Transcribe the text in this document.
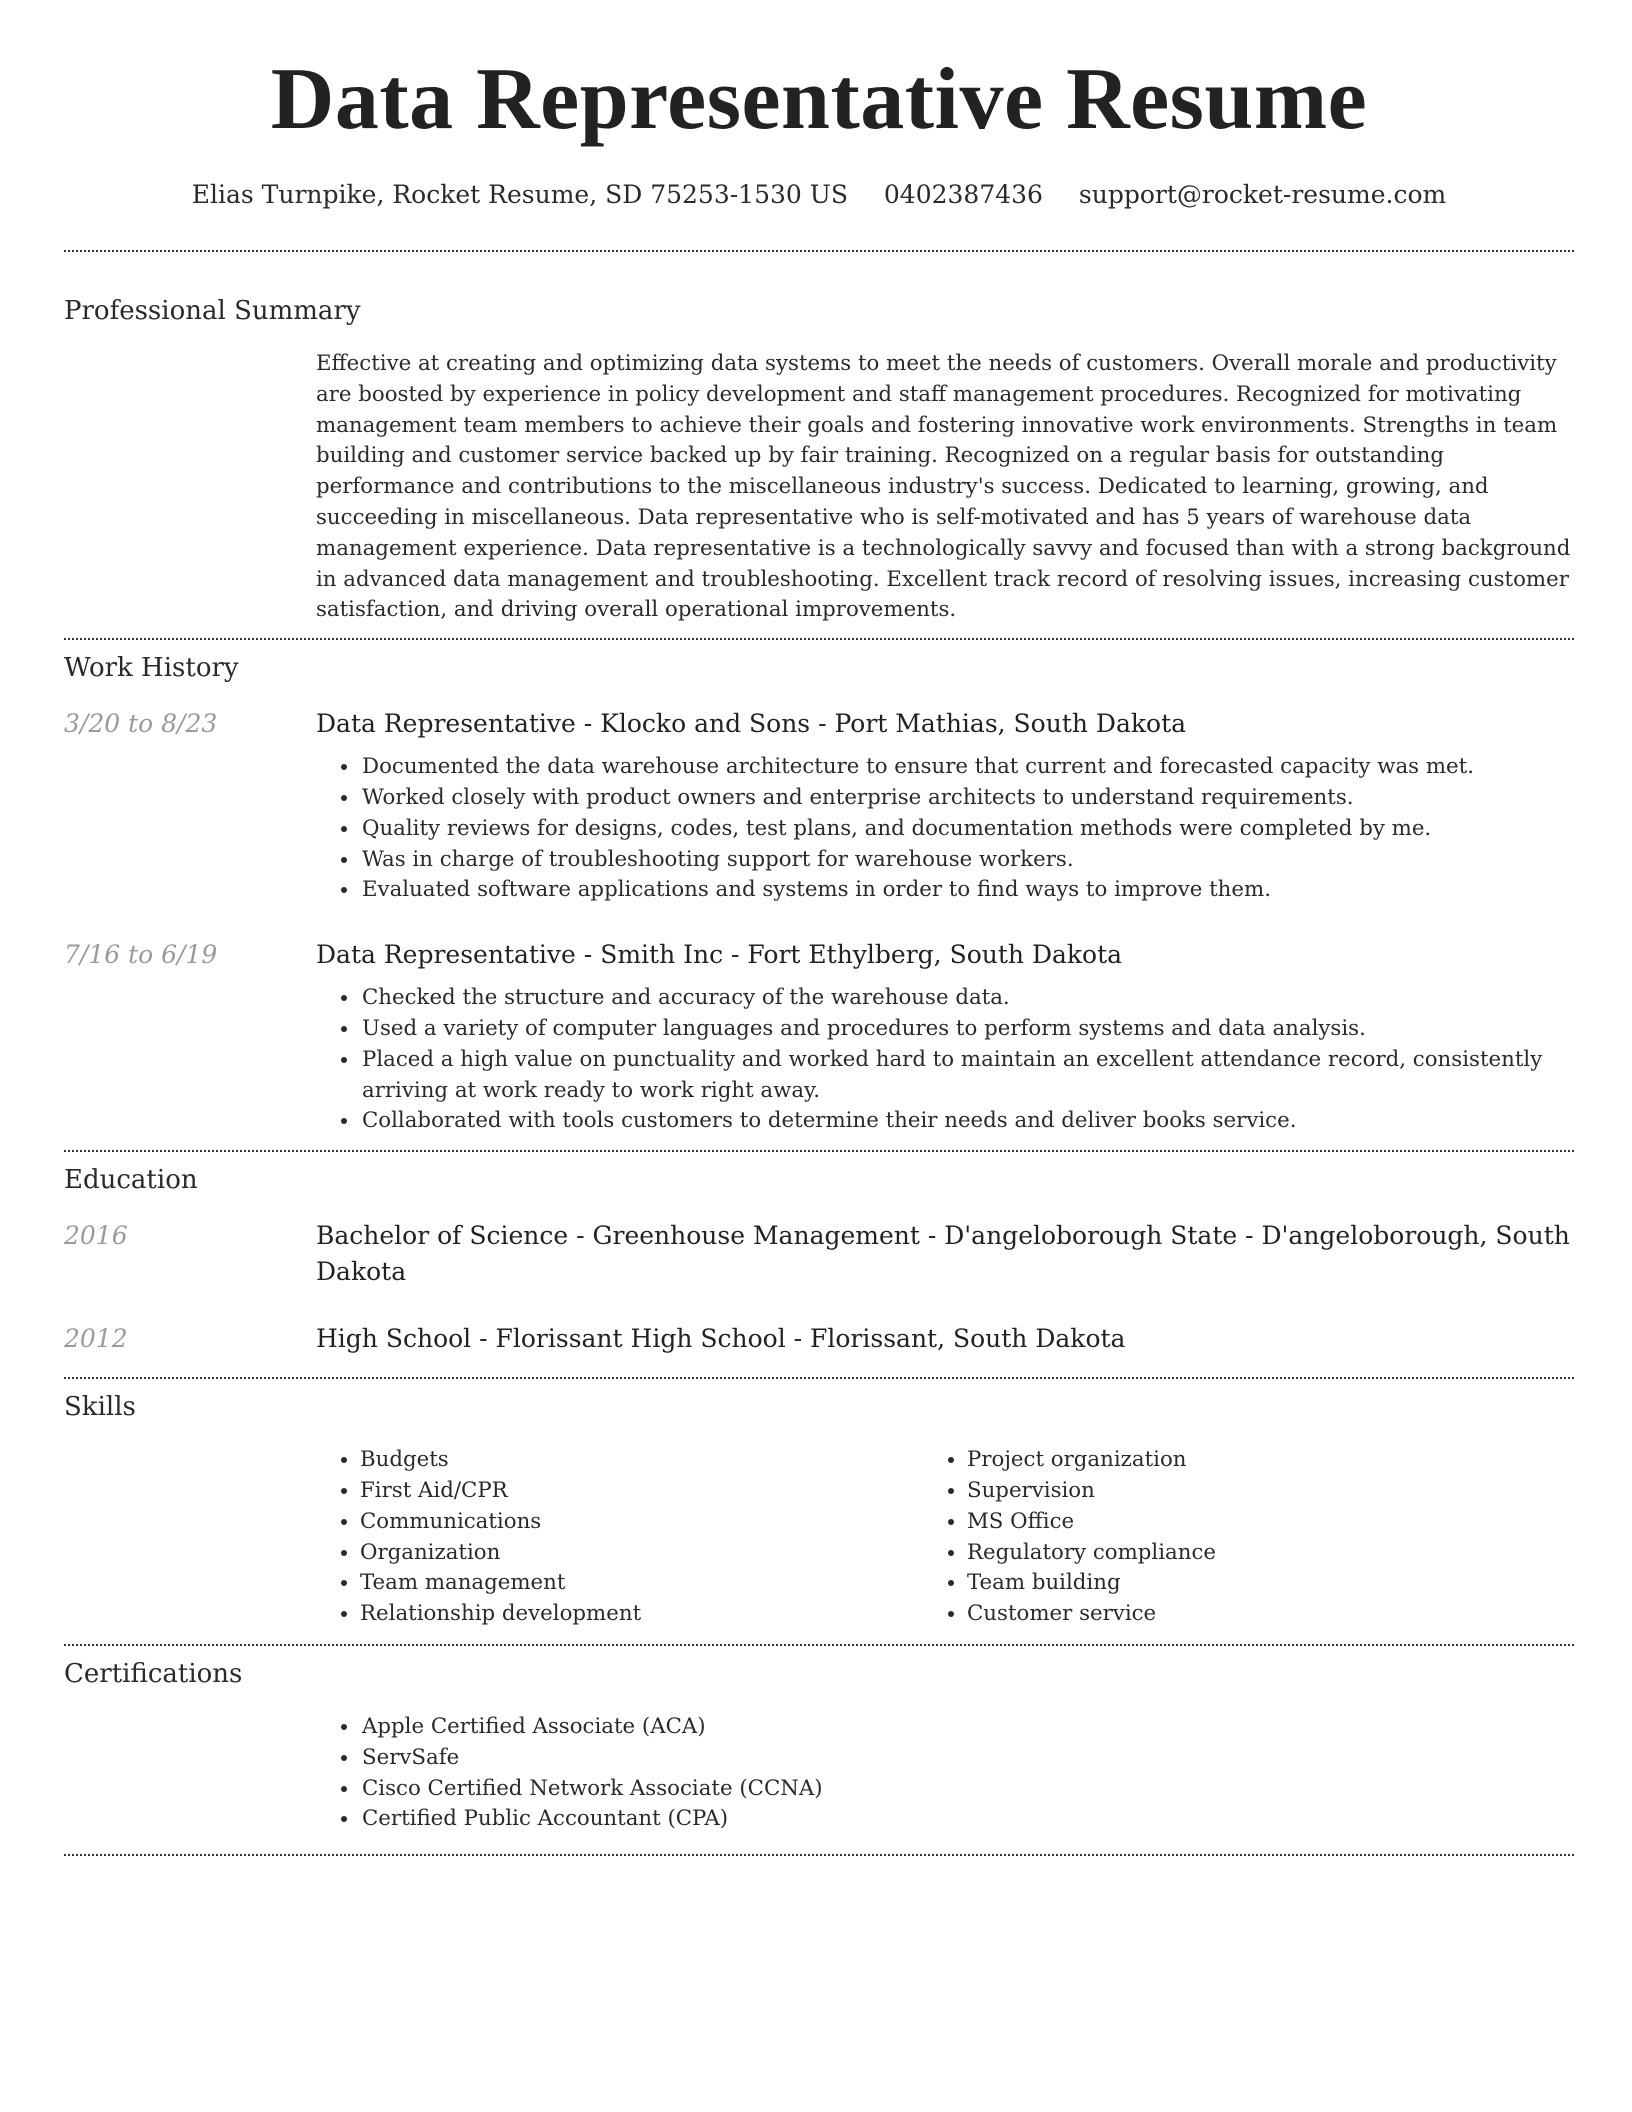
Data Representative Resume
Elias Turnpike, Rocket Resume, SD 75253-1530 US 0402387436 support@rocket-resume.com
Professional Summary

Effective at creating and optimizing data systems to meet the needs of customers. Overall morale and productivity are boosted by experience in policy development and staff management procedures. Recognized for motivating management team members to achieve their goals and fostering innovative work environments. Strengths in team building and customer service backed up by fair training. Recognized on a regular basis for outstanding performance and contributions to the miscellaneous industry's success. Dedicated to learning, growing, and succeeding in miscellaneous. Data representative who is self-motivated and has 5 years of warehouse data management experience. Data representative is a technologically savvy and focused than with a strong background in advanced data management and troubleshooting. Excellent track record of resolving issues, increasing customer satisfaction, and driving overall operational improvements.

Work History
3/20 to 8/23	Data Representative - Klocko and Sons - Port Mathias, South Dakota
• Documented the data warehouse architecture to ensure that current and forecasted capacity was met.
• Worked closely with product owners and enterprise architects to understand requirements.
• Quality reviews for designs, codes, test plans, and documentation methods were completed by me.
• Was in charge of troubleshooting support for warehouse workers.
• Evaluated software applications and systems in order to find ways to improve them.
7/16 to 6/19	Data Representative - Smith Inc - Fort Ethylberg, South Dakota
• Checked the structure and accuracy of the warehouse data.
• Used a variety of computer languages and procedures to perform systems and data analysis.
• Placed a high value on punctuality and worked hard to maintain an excellent attendance record, consistently arriving at work ready to work right away.
• Collaborated with tools customers to determine their needs and deliver books service.
Education
2016	Bachelor of Science - Greenhouse Management - D'angeloborough State - D'angeloborough, South Dakota
2012	High School - Florissant High School - Florissant, South Dakota
Skills
• Budgets
• First Aid/CPR
• Communications
• Organization
• Team management
• Relationship development
• Project organization
• Supervision
• MS Office
• Regulatory compliance
• Team building
• Customer service
Certifications
• Apple Certified Associate (ACA)
• ServSafe
• Cisco Certified Network Associate (CCNA)
• Certified Public Accountant (CPA)
